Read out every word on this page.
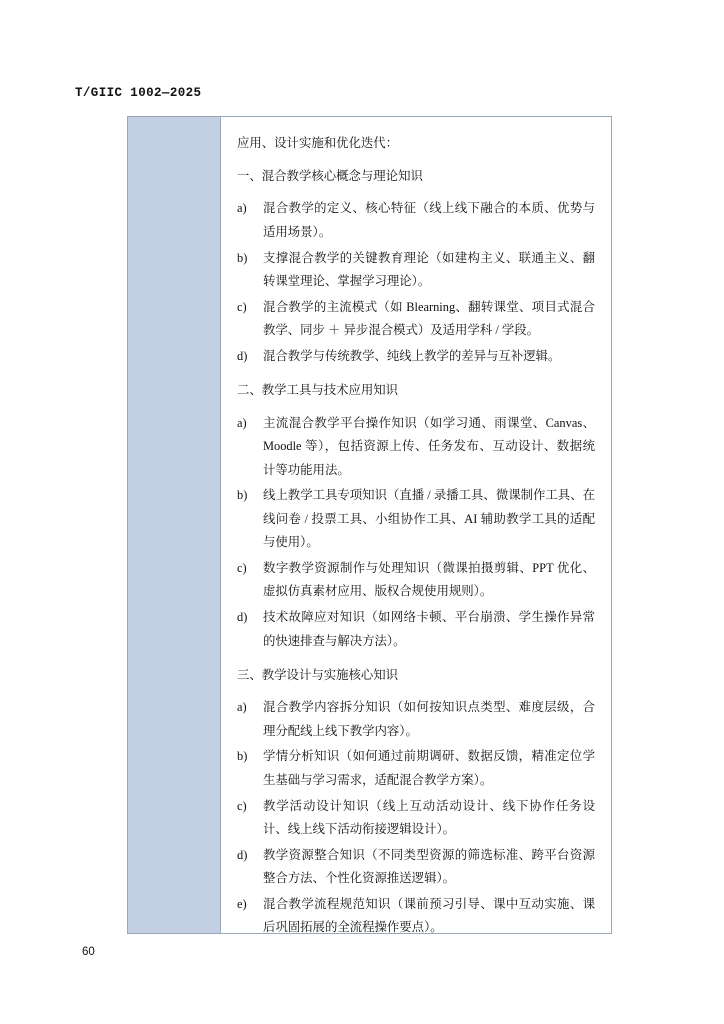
T/GIIC 1002—2025

应用、设计实施和优化迭代：

一、混合教学核心概念与理论知识

a)	混合教学的定义、核心特征（线上线下融合的本质、优势与适用场景）。
b)	支撑混合教学的关键教育理论（如建构主义、联通主义、翻转课堂理论、掌握学习理论）。
c)	混合教学的主流模式（如 Blearning、翻转课堂、项目式混合教学、同步 ＋ 异步混合模式）及适用学科 / 学段。
d)	混合教学与传统教学、纯线上教学的差异与互补逻辑。

二、教学工具与技术应用知识

a)	主流混合教学平台操作知识（如学习通、雨课堂、Canvas、Moodle 等），包括资源上传、任务发布、互动设计、数据统计等功能用法。
b)	线上教学工具专项知识（直播 / 录播工具、微课制作工具、在线问卷 / 投票工具、小组协作工具、AI 辅助教学工具的适配与使用）。
c)	数字教学资源制作与处理知识（微课拍摄剪辑、PPT 优化、虚拟仿真素材应用、版权合规使用规则）。
d)	技术故障应对知识（如网络卡顿、平台崩溃、学生操作异常的快速排查与解决方法）。

三、教学设计与实施核心知识

a)	混合教学内容拆分知识（如何按知识点类型、难度层级，合理分配线上线下教学内容）。
b)	学情分析知识（如何通过前期调研、数据反馈，精准定位学生基础与学习需求，适配混合教学方案）。
c)	教学活动设计知识（线上互动活动设计、线下协作任务设计、线上线下活动衔接逻辑设计）。
d)	教学资源整合知识（不同类型资源的筛选标准、跨平台资源整合方法、个性化资源推送逻辑）。
e)	混合教学流程规范知识（课前预习引导、课中互动实施、课后巩固拓展的全流程操作要点）。
60
